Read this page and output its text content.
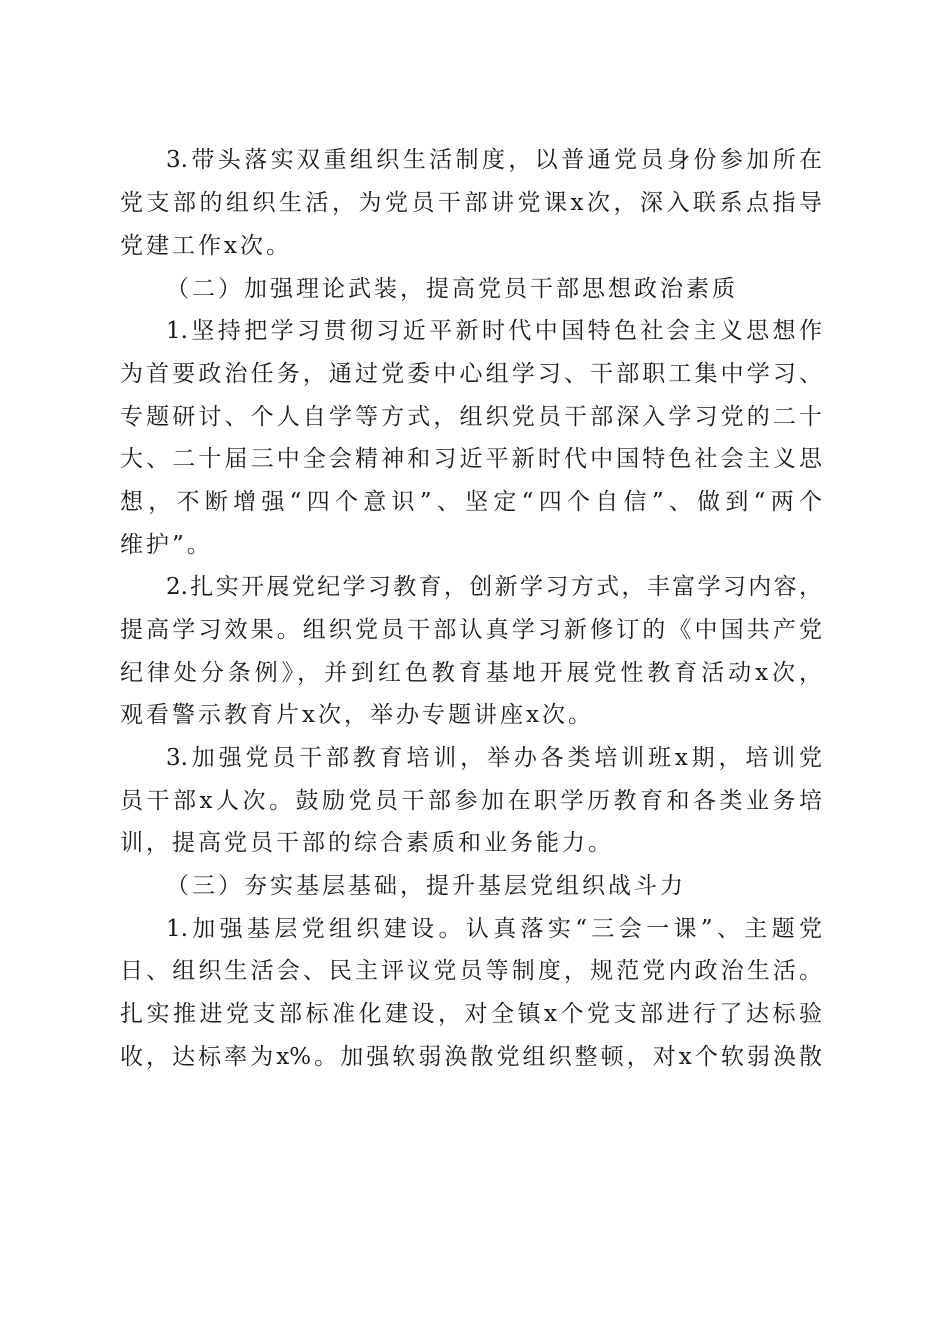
3.带头落实双重组织生活制度，以普通党员身份参加所在
党支部的组织生活，为党员干部讲党课x次，深入联系点指导
党建工作x次。
（二）加强理论武装，提高党员干部思想政治素质
1.坚持把学习贯彻习近平新时代中国特色社会主义思想作
为首要政治任务，通过党委中心组学习、干部职工集中学习、
专题研讨、个人自学等方式，组织党员干部深入学习党的二十
大、二十届三中全会精神和习近平新时代中国特色社会主义思
想，不断增强“四个意识”、坚定“四个自信”、做到“两个
维护”。
2.扎实开展党纪学习教育，创新学习方式，丰富学习内容，
提高学习效果。组织党员干部认真学习新修订的《中国共产党
纪律处分条例》，并到红色教育基地开展党性教育活动x次，
观看警示教育片x次，举办专题讲座x次。
3.加强党员干部教育培训，举办各类培训班x期，培训党
员干部x人次。鼓励党员干部参加在职学历教育和各类业务培
训，提高党员干部的综合素质和业务能力。
（三）夯实基层基础，提升基层党组织战斗力
1.加强基层党组织建设。认真落实“三会一课”、主题党
日、组织生活会、民主评议党员等制度，规范党内政治生活。
扎实推进党支部标准化建设，对全镇x个党支部进行了达标验
收，达标率为x%。加强软弱涣散党组织整顿，对x个软弱涣散
